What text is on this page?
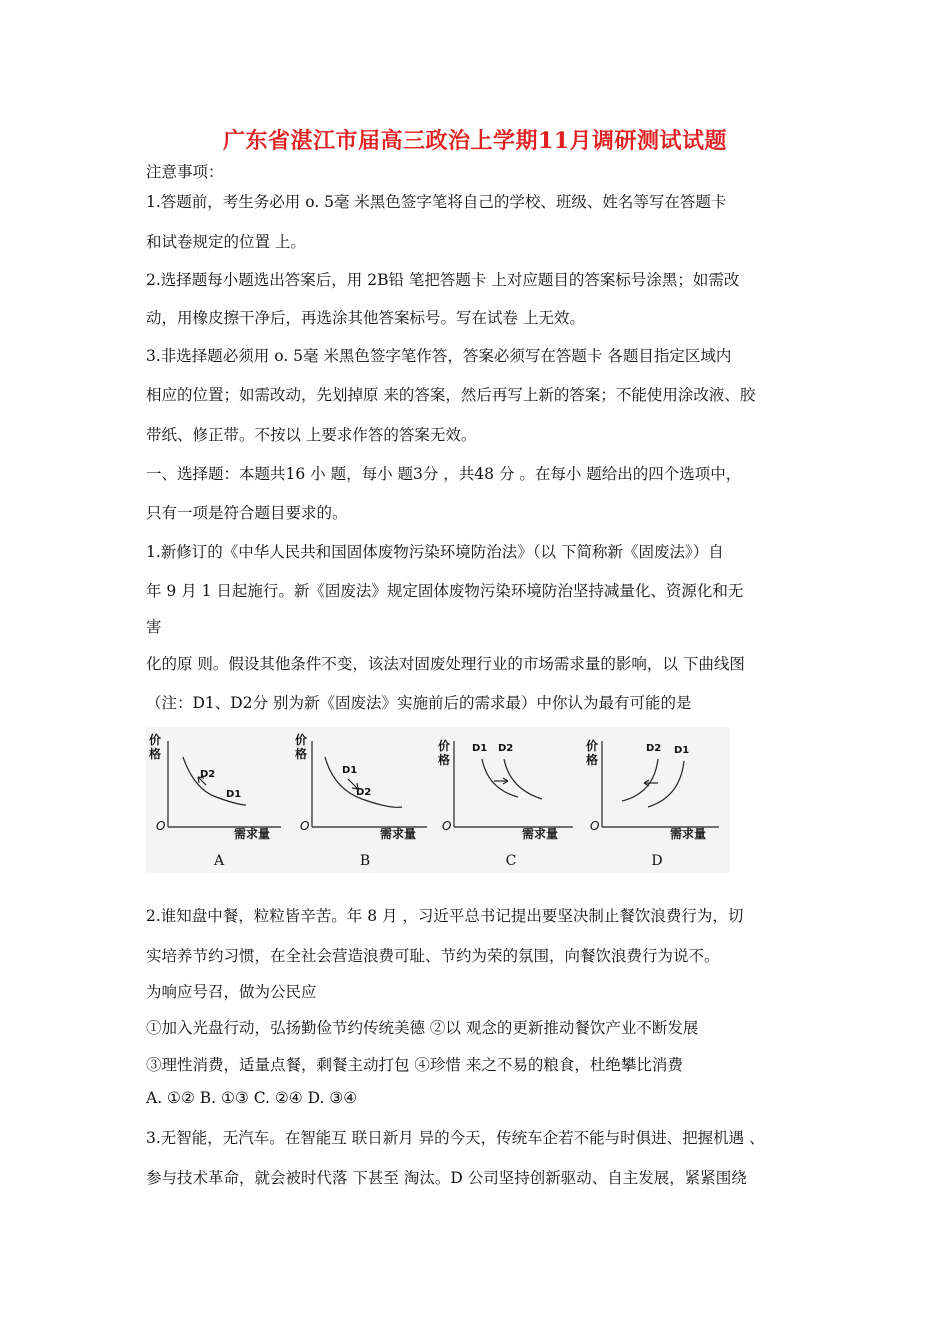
广东省湛江市届高三政治上学期11月调研测试试题
注意事项：
1.答题前，考生务必用 o. 5毫 米黑色签字笔将自己的学校、班级、姓名等写在答题卡
和试卷规定的位置 上。
2.选择题每小题选出答案后，用 2B铅 笔把答题卡 上对应题目的答案标号涂黑；如需改
动，用橡皮擦干净后，再选涂其他答案标号。写在试卷 上无效。
3.非选择题必须用 o. 5毫 米黑色签字笔作答，答案必须写在答题卡 各题目指定区域内
相应的位置；如需改动，先划掉原 来的答案，然后再写上新的答案；不能使用涂改液、胶
带纸、修正带。不按以 上要求作答的答案无效。
一、选择题：本题共16 小 题，每小 题3分 ，共48 分 。在每小 题给出的四个选项中，
只有一项是符合题目要求的。
1.新修订的《中华人民共和国固体废物污染环境防治法》（以 下简称新《固废法》）自
年 9 月 1 日起施行。新《固废法》规定固体废物污染环境防治坚持减量化、资源化和无
害
化的原 则。假设其他条件不变，该法对固废处理行业的市场需求量的影响，以 下曲线图
（注：D1、D2分 别为新《固废法》实施前后的需求最）中你认为最有可能的是
2.谁知盘中餐，粒粒皆辛苦。年 8 月 ，习近平总书记提出要坚决制止餐饮浪费行为，切
实培养节约习惯，在全社会营造浪费可耻、节约为荣的氛围，向餐饮浪费行为说不。
为响应号召，做为公民应
①加入光盘行动，弘扬勤俭节约传统美德 ②以 观念的更新推动餐饮产业不断发展
③理性消费，适量点餐，剩餐主动打包 ④珍惜 来之不易的粮食，杜绝攀比消费
A. ①② B. ①③ C. ②④ D. ③④
3.无智能，无汽车。在智能互 联日新月 异的今天，传统车企若不能与时俱进、把握机遇 、
参与技术革命，就会被时代落 下甚至 淘汰。D 公司坚持创新驱动、自主发展，紧紧围绕
价
格
D2
D1
O
需求量
A
价
格
D1
D2
O
需求量
B
价
格
D1 D2
O
需求量
C
价
格
D2 D1
O
需求量
D
